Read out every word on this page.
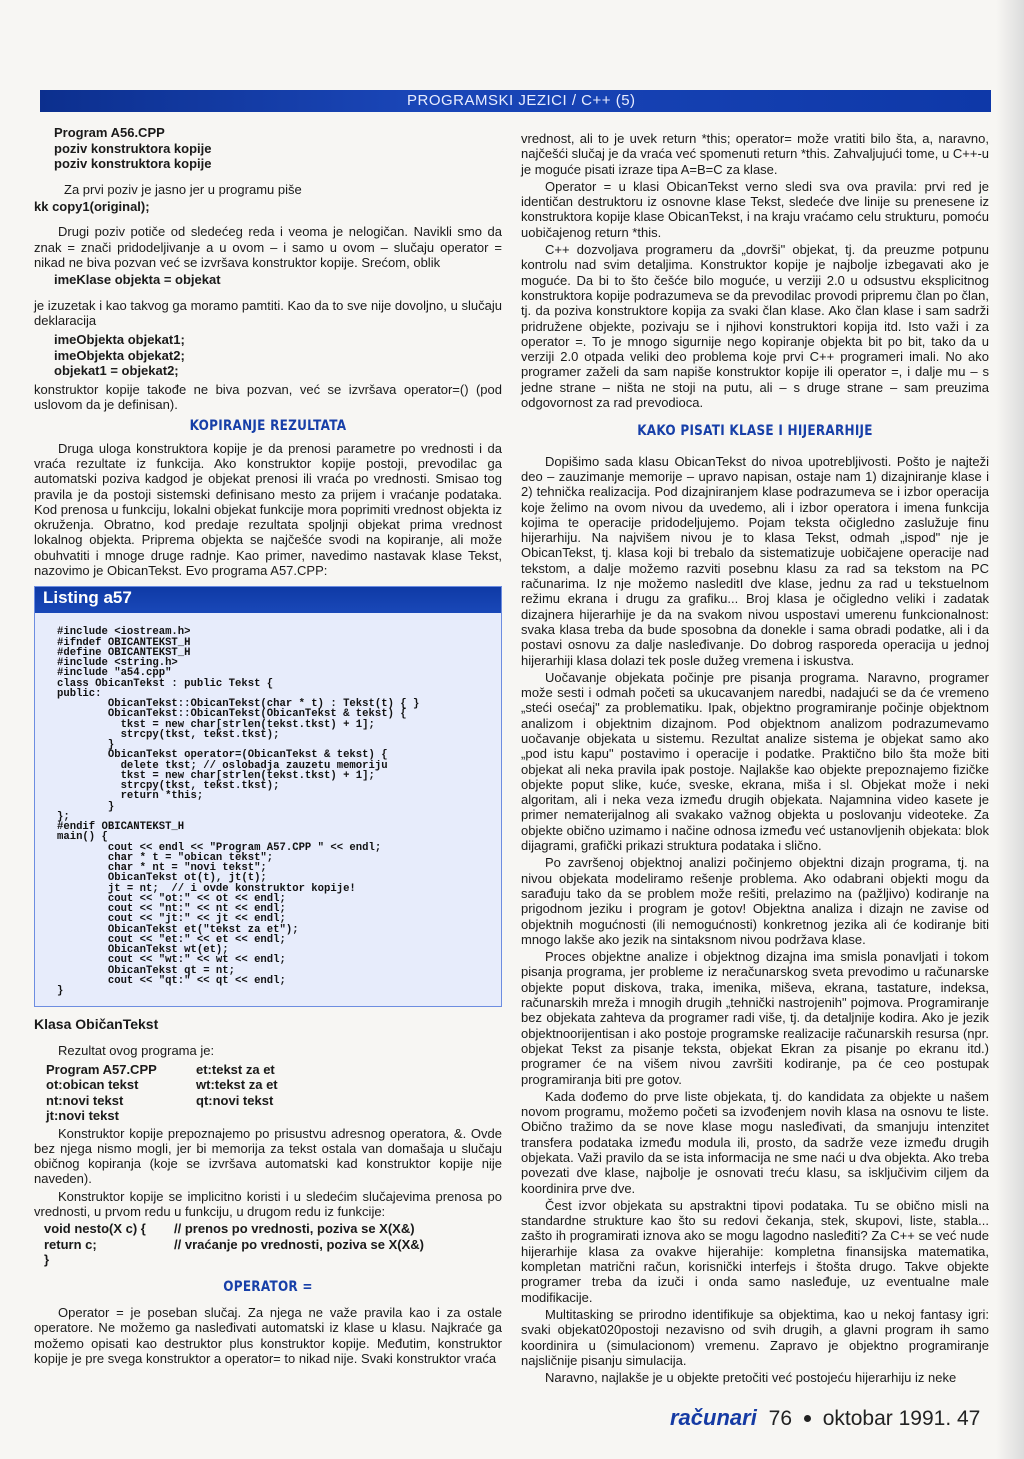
PROGRAMSKI JEZICI / C++ (5)
Program A56.CPP
poziv konstruktora kopije
poziv konstruktora kopije

Za prvi poziv je jasno jer u programu piše

kk copy1(original);

Drugi poziv potiče od sledećeg reda i veoma je nelogičan. Navikli smo da znak = znači pridodeljivanje a u ovom – i samo u ovom – slučaju operator = nikad ne biva pozvan već se izvršava konstruktor kopije. Srećom, oblik

imeKlase objekta = objekat

je izuzetak i kao takvog ga moramo pamtiti. Kao da to sve nije dovoljno, u slučaju deklaracija

imeObjekta objekat1;
imeObjekta objekat2;
objekat1 = objekat2;

konstruktor kopije takođe ne biva pozvan, već se izvršava operator=() (pod uslovom da je definisan).

KOPIRANJE REZULTATA

Druga uloga konstruktora kopije je da prenosi parametre po vrednosti i da vraća rezultate iz funkcija. Ako konstruktor kopije postoji, prevodilac ga automatski poziva kadgod je objekat prenosi ili vraća po vrednosti. Smisao tog pravila je da postoji sistemski definisano mesto za prijem i vraćanje podataka. Kod prenosa u funkciju, lokalni objekat funkcije mora poprimiti vrednost objekta iz okruženja. Obratno, kod predaje rezultata spoljnji objekat prima vrednost lokalnog objekta. Priprema objekta se najčešće svodi na kopiranje, ali može obuhvatiti i mnoge druge radnje. Kao primer, navedimo nastavak klase Tekst, nazovimo je ObicanTekst. Evo programa A57.CPP:

Listing a57
#include <iostream.h>
#ifndef OBICANTEKST_H
#define OBICANTEKST_H
#include <string.h>
#include "a54.cpp"
class ObicanTekst : public Tekst {
public:
ObicanTekst::ObicanTekst(char * t) : Tekst(t) { }
ObicanTekst::ObicanTekst(ObicanTekst & tekst) {
tkst = new char[strlen(tekst.tkst) + 1];
strcpy(tkst, tekst.tkst);
}
ObicanTekst operator=(ObicanTekst & tekst) {
delete tkst; // oslobadja zauzetu memoriju
tkst = new char[strlen(tekst.tkst) + 1];
strcpy(tkst, tekst.tkst);
return *this;
}
};
#endif OBICANTEKST_H
main() {
cout << endl << "Program A57.CPP " << endl;
char * t = "obican tekst";
char * nt = "novi tekst";
ObicanTekst ot(t), jt(t);
jt = nt;  // i ovde konstruktor kopije!
cout << "ot:" << ot << endl;
cout << "nt:" << nt << endl;
cout << "jt:" << jt << endl;
ObicanTekst et("tekst za et");
cout << "et:" << et << endl;
ObicanTekst wt(et);
cout << "wt:" << wt << endl;
ObicanTekst qt = nt;
cout << "qt:" << qt << endl;
}
Klasa ObičanTekst

Rezultat ovog programa je:

Program A57.CPP	et:tekst za et
ot:obican tekst	wt:tekst za et
nt:novi tekst	qt:novi tekst
jt:novi tekst

Konstruktor kopije prepoznajemo po prisustvu adresnog operatora, &. Ovde bez njega nismo mogli, jer bi memorija za tekst ostala van domašaja u slučaju običnog kopiranja (koje se izvršava automatski kad konstruktor kopije nije naveden).

Konstruktor kopije se implicitno koristi i u sledećim slučajevima prenosa po vrednosti, u prvom redu u funkciju, u drugom redu iz funkcije:

void nesto(X c) {	// prenos po vrednosti, poziva se X(X&)
return c;	// vraćanje po vrednosti, poziva se X(X&)
}
OPERATOR =

Operator = je poseban slučaj. Za njega ne važe pravila kao i za ostale operatore. Ne možemo ga nasleđivati automatski iz klase u klasu. Najkraće ga možemo opisati kao destruktor plus konstruktor kopije. Međutim, konstruktor kopije je pre svega konstruktor a operator= to nikad nije. Svaki konstruktor vraća

vrednost, ali to je uvek return *this; operator= može vratiti bilo šta, a, naravno, najčešći slučaj je da vraća već spomenuti return *this. Zahvaljujući tome, u C++-u je moguće pisati izraze tipa A=B=C za klase.

Operator = u klasi ObicanTekst verno sledi sva ova pravila: prvi red je identičan destruktoru iz osnovne klase Tekst, sledeće dve linije su prenesene iz konstruktora kopije klase ObicanTekst, i na kraju vraćamo celu strukturu, pomoću uobičajenog return *this.

C++ dozvoljava programeru da „dovrši" objekat, tj. da preuzme potpunu kontrolu nad svim detaljima. Konstruktor kopije je najbolje izbegavati ako je moguće. Da bi to što češće bilo moguće, u verziji 2.0 u odsustvu eksplicitnog konstruktora kopije podrazumeva se da prevodilac provodi pripremu član po član, tj. da poziva konstruktore kopija za svaki član klase. Ako član klase i sam sadrži pridružene objekte, pozivaju se i njihovi konstruktori kopija itd. Isto važi i za operator =. To je mnogo sigurnije nego kopiranje objekta bit po bit, tako da u verziji 2.0 otpada veliki deo problema koje prvi C++ programeri imali. No ako programer zaželi da sam napiše konstruktor kopije ili operator =, i dalje mu – s jedne strane – ništa ne stoji na putu, ali – s druge strane – sam preuzima odgovornost za rad prevodioca.

KAKO PISATI KLASE I HIJERARHIJE

Dopišimo sada klasu ObicanTekst do nivoa upotrebljivosti. Pošto je najteži deo – zauzimanje memorije – upravo napisan, ostaje nam 1) dizajniranje klase i 2) tehnička realizacija. Pod dizajniranjem klase podrazumeva se i izbor operacija koje želimo na ovom nivou da uvedemo, ali i izbor operatora i imena funkcija kojima te operacije pridodeljujemo. Pojam teksta očigledno zaslužuje finu hijerarhiju. Na najvišem nivou je to klasa Tekst, odmah „ispod" nje je ObicanTekst, tj. klasa koji bi trebalo da sistematizuje uobičajene operacije nad tekstom, a dalje možemo razviti posebnu klasu za rad sa tekstom na PC računarima. Iz nje možemo nasleditI dve klase, jednu za rad u tekstuelnom režimu ekrana i drugu za grafiku... Broj klasa je očigledno veliki i zadatak dizajnera hijerarhije je da na svakom nivou uspostavi umerenu funkcionalnost: svaka klasa treba da bude sposobna da donekle i sama obradi podatke, ali i da postavi osnovu za dalje nasleđivanje. Do dobrog rasporeda operacija u jednoj hijerarhiji klasa dolazi tek posle dužeg vremena i iskustva.

Uočavanje objekata počinje pre pisanja programa. Naravno, programer može sesti i odmah početi sa ukucavanjem naredbi, nadajući se da će vremeno „steći osećaj" za problematiku. Ipak, objektno programiranje počinje objektnom analizom i objektnim dizajnom. Pod objektnom analizom podrazumevamo uočavanje objekata u sistemu. Rezultat analize sistema je objekat samo ako „pod istu kapu" postavimo i operacije i podatke. Praktično bilo šta može biti objekat ali neka pravila ipak postoje. Najlakše kao objekte prepoznajemo fizičke objekte poput slike, kuće, sveske, ekrana, miša i sl. Objekat može i neki algoritam, ali i neka veza između drugih objekata. Najamnina video kasete je primer nematerijalnog ali svakako važnog objekta u poslovanju videoteke. Za objekte obično uzimamo i načine odnosa između već ustanovljenih objekata: blok dijagrami, grafički prikazi struktura podataka i slično.

Po završenoj objektnoj analizi počinjemo objektni dizajn programa, tj. na nivou objekata modeliramo rešenje problema. Ako odabrani objekti mogu da sarađuju tako da se problem može rešiti, prelazimo na (pažljivo) kodiranje na prigodnom jeziku i program je gotov! Objektna analiza i dizajn ne zavise od objektnih mogućnosti (ili nemogućnosti) konkretnog jezika ali će kodiranje biti mnogo lakše ako jezik na sintaksnom nivou podržava klase.

Proces objektne analize i objektnog dizajna ima smisla ponavljati i tokom pisanja programa, jer probleme iz neračunarskog sveta prevodimo u računarske objekte poput diskova, traka, imenika, miševa, ekrana, tastature, indeksa, računarskih mreža i mnogih drugih „tehnički nastrojenih" pojmova. Programiranje bez objekata zahteva da programer radi više, tj. da detaljnije kodira. Ako je jezik objektnoorijentisan i ako postoje programske realizacije računarskih resursa (npr. objekat Tekst za pisanje teksta, objekat Ekran za pisanje po ekranu itd.) programer će na višem nivou završiti kodiranje, pa će ceo postupak programiranja biti pre gotov.

Kada dođemo do prve liste objekata, tj. do kandidata za objekte u našem novom programu, možemo početi sa izvođenjem novih klasa na osnovu te liste. Obično tražimo da se nove klase mogu nasleđivati, da smanjuju intenzitet transfera podataka između modula ili, prosto, da sadrže veze između drugih objekata. Važi pravilo da se ista informacija ne sme naći u dva objekta. Ako treba povezati dve klase, najbolje je osnovati treću klasu, sa isključivim ciljem da koordinira prve dve.

Čest izvor objekata su apstraktni tipovi podataka. Tu se obično misli na standardne strukture kao što su redovi čekanja, stek, skupovi, liste, stabla... zašto ih programirati iznova ako se mogu lagodno nasleđiti? Za C++ se već nude hijerarhije klasa za ovakve hijerahije: kompletna finansijska matematika, kompletan matrični račun, korisnički interfejs i štošta drugo. Takve objekte programer treba da izuči i onda samo nasleđuje, uz eventualne male modifikacije.

Multitasking se prirodno identifikuje sa objektima, kao u nekoj fantasy igri: svaki objekat020postoji nezavisno od svih drugih, a glavni program ih samo koordinira u (simulacionom) vremenu. Zapravo je objektno programiranje najsličnije pisanju simulacija.

Naravno, najlakše je u objekte pretočiti već postojeću hijerarhiju iz neke

računari 76 oktobar 1991. 47
